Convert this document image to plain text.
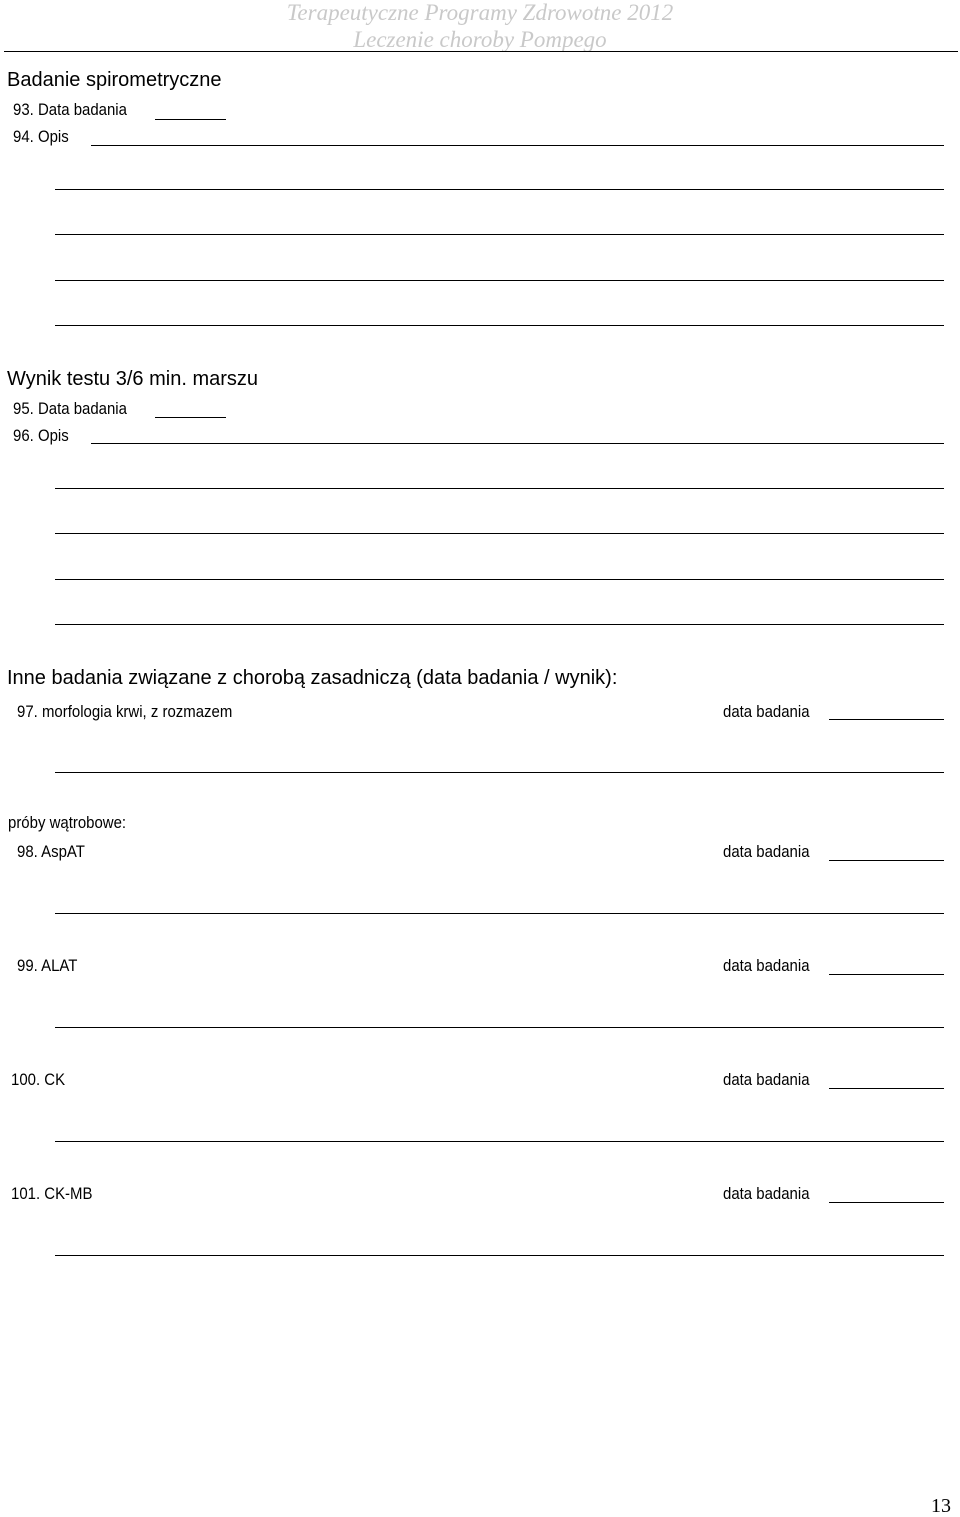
Terapeutyczne Programy Zdrowotne 2012
Leczenie choroby Pompego
Badanie spirometryczne
93. Data badania
94. Opis
Wynik testu 3/6 min. marszu
95. Data badania
96. Opis
Inne badania związane z chorobą zasadniczą (data badania / wynik):
97. morfologia krwi, z rozmazem	data badania
próby wątrobowe:
98. AspAT	data badania
99. ALAT	data badania
100. CK	data badania
101. CK-MB	data badania
13
